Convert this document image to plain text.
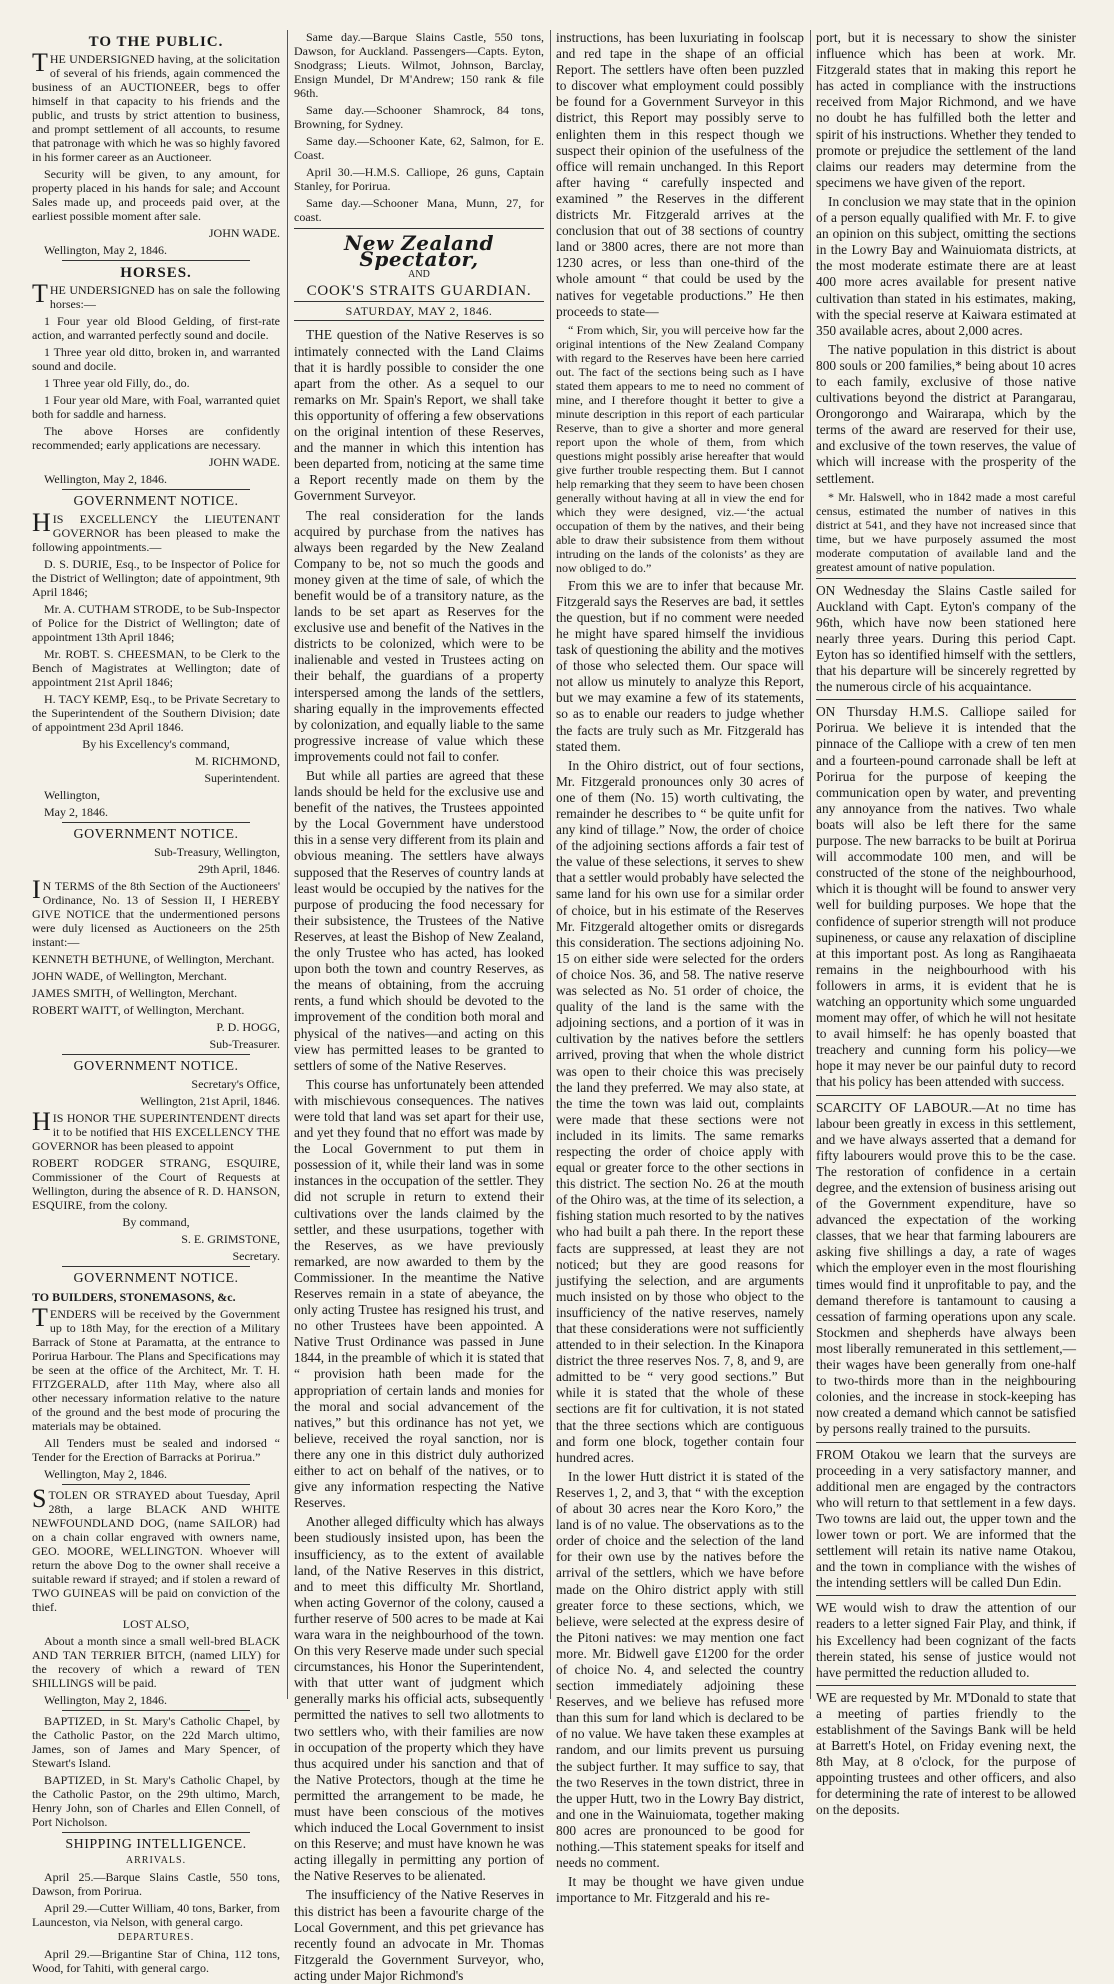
TO THE PUBLIC.

THE UNDERSIGNED having, at the solicitation of several of his friends, again commenced the business of an AUCTIONEER, begs to offer himself in that capacity to his friends and the public, and trusts by strict attention to business, and prompt settlement of all accounts, to resume that patronage with which he was so highly favored in his former career as an Auctioneer.

Security will be given, to any amount, for property placed in his hands for sale; and Account Sales made up, and proceeds paid over, at the earliest possible moment after sale.

JOHN WADE.

Wellington, May 2, 1846.

HORSES.

THE UNDERSIGNED has on sale the following horses:—

1 Four year old Blood Gelding, of first-rate action, and warranted perfectly sound and docile.

1 Three year old ditto, broken in, and warranted sound and docile.

1 Three year old Filly, do., do.

1 Four year old Mare, with Foal, warranted quiet both for saddle and harness.

The above Horses are confidently recommended; early applications are necessary.

JOHN WADE.

Wellington, May 2, 1846.

GOVERNMENT NOTICE.

HIS EXCELLENCY the LIEUTENANT GOVERNOR has been pleased to make the following appointments.—

D. S. DURIE, Esq., to be Inspector of Police for the District of Wellington; date of appointment, 9th April 1846;

Mr. A. CUTHAM STRODE, to be Sub-Inspector of Police for the District of Wellington; date of appointment 13th April 1846;

Mr. ROBT. S. CHEESMAN, to be Clerk to the Bench of Magistrates at Wellington; date of appointment 21st April 1846;

H. TACY KEMP, Esq., to be Private Secretary to the Superintendent of the Southern Division; date of appointment 23d April 1846.

By his Excellency's command,

M. RICHMOND,

Superintendent.

Wellington,

May 2, 1846.

GOVERNMENT NOTICE.

Sub-Treasury, Wellington,

29th April, 1846.

IN TERMS of the 8th Section of the Auctioneers' Ordinance, No. 13 of Session II, I HEREBY GIVE NOTICE that the undermentioned persons were duly licensed as Auctioneers on the 25th instant:—

KENNETH BETHUNE, of Wellington, Merchant.

JOHN WADE, of Wellington, Merchant.

JAMES SMITH, of Wellington, Merchant.

ROBERT WAITT, of Wellington, Merchant.

P. D. HOGG,

Sub-Treasurer.

GOVERNMENT NOTICE.

Secretary's Office,

Wellington, 21st April, 1846.

HIS HONOR THE SUPERINTENDENT directs it to be notified that HIS EXCELLENCY THE GOVERNOR has been pleased to appoint

ROBERT RODGER STRANG, ESQUIRE, Commissioner of the Court of Requests at Wellington, during the absence of R. D. HANSON, ESQUIRE, from the colony.

By command,

S. E. GRIMSTONE,

Secretary.

GOVERNMENT NOTICE.

TO BUILDERS, STONEMASONS, &c.

TENDERS will be received by the Government up to 18th May, for the erection of a Military Barrack of Stone at Paramatta, at the entrance to Porirua Harbour. The Plans and Specifications may be seen at the office of the Architect, Mr. T. H. FITZGERALD, after 11th May, where also all other necessary information relative to the nature of the ground and the best mode of procuring the materials may be obtained.

All Tenders must be sealed and indorsed “ Tender for the Erection of Barracks at Porirua.”

Wellington, May 2, 1846.

STOLEN OR STRAYED about Tuesday, April 28th, a large BLACK AND WHITE NEWFOUNDLAND DOG, (name SAILOR) had on a chain collar engraved with owners name, GEO. MOORE, WELLINGTON. Whoever will return the above Dog to the owner shall receive a suitable reward if strayed; and if stolen a reward of TWO GUINEAS will be paid on conviction of the thief.

LOST ALSO,

About a month since a small well-bred BLACK AND TAN TERRIER BITCH, (named LILY) for the recovery of which a reward of TEN SHILLINGS will be paid.

Wellington, May 2, 1846.

BAPTIZED, in St. Mary's Catholic Chapel, by the Catholic Pastor, on the 22d March ultimo, James, son of James and Mary Spencer, of Stewart's Island.

BAPTIZED, in St. Mary's Catholic Chapel, by the Catholic Pastor, on the 29th ultimo, March, Henry John, son of Charles and Ellen Connell, of Port Nicholson.

SHIPPING INTELLIGENCE.

ARRIVALS.

April 25.—Barque Slains Castle, 550 tons, Dawson, from Porirua.

April 29.—Cutter William, 40 tons, Barker, from Launceston, via Nelson, with general cargo.

DEPARTURES.

April 29.—Brigantine Star of China, 112 tons, Wood, for Tahiti, with general cargo.

Same day.—Barque Slains Castle, 550 tons, Dawson, for Auckland. Passengers—Capts. Eyton, Snodgrass; Lieuts. Wilmot, Johnson, Barclay, Ensign Mundel, Dr M'Andrew; 150 rank & file 96th.

Same day.—Schooner Shamrock, 84 tons, Browning, for Sydney.

Same day.—Schooner Kate, 62, Salmon, for E. Coast.

April 30.—H.M.S. Calliope, 26 guns, Captain Stanley, for Porirua.

Same day.—Schooner Mana, Munn, 27, for coast.

New Zealand Spectator,
AND
COOK'S STRAITS GUARDIAN.
SATURDAY, MAY 2, 1846.

THE question of the Native Reserves is so intimately connected with the Land Claims that it is hardly possible to consider the one apart from the other. As a sequel to our remarks on Mr. Spain's Report, we shall take this opportunity of offering a few observations on the original intention of these Reserves, and the manner in which this intention has been departed from, noticing at the same time a Report recently made on them by the Government Surveyor.

The real consideration for the lands acquired by purchase from the natives has always been regarded by the New Zealand Company to be, not so much the goods and money given at the time of sale, of which the benefit would be of a transitory nature, as the lands to be set apart as Reserves for the exclusive use and benefit of the Natives in the districts to be colonized, which were to be inalienable and vested in Trustees acting on their behalf, the guardians of a property interspersed among the lands of the settlers, sharing equally in the improvements effected by colonization, and equally liable to the same progressive increase of value which these improvements could not fail to confer.

But while all parties are agreed that these lands should be held for the exclusive use and benefit of the natives, the Trustees appointed by the Local Government have understood this in a sense very different from its plain and obvious meaning. The settlers have always supposed that the Reserves of country lands at least would be occupied by the natives for the purpose of producing the food necessary for their subsistence, the Trustees of the Native Reserves, at least the Bishop of New Zealand, the only Trustee who has acted, has looked upon both the town and country Reserves, as the means of obtaining, from the accruing rents, a fund which should be devoted to the improvement of the condition both moral and physical of the natives—and acting on this view has permitted leases to be granted to settlers of some of the Native Reserves.

This course has unfortunately been attended with mischievous consequences. The natives were told that land was set apart for their use, and yet they found that no effort was made by the Local Government to put them in possession of it, while their land was in some instances in the occupation of the settler. They did not scruple in return to extend their cultivations over the lands claimed by the settler, and these usurpations, together with the Reserves, as we have previously remarked, are now awarded to them by the Commissioner. In the meantime the Native Reserves remain in a state of abeyance, the only acting Trustee has resigned his trust, and no other Trustees have been appointed. A Native Trust Ordinance was passed in June 1844, in the preamble of which it is stated that “ provision hath been made for the appropriation of certain lands and monies for the moral and social advancement of the natives,” but this ordinance has not yet, we believe, received the royal sanction, nor is there any one in this district duly authorized either to act on behalf of the natives, or to give any information respecting the Native Reserves.

Another alleged difficulty which has always been studiously insisted upon, has been the insufficiency, as to the extent of available land, of the Native Reserves in this district, and to meet this difficulty Mr. Shortland, when acting Governor of the colony, caused a further reserve of 500 acres to be made at Kai wara wara in the neighbourhood of the town. On this very Reserve made under such special circumstances, his Honor the Superintendent, with that utter want of judgment which generally marks his official acts, subsequently permitted the natives to sell two allotments to two settlers who, with their families are now in occupation of the property which they have thus acquired under his sanction and that of the Native Protectors, though at the time he permitted the arrangement to be made, he must have been conscious of the motives which induced the Local Government to insist on this Reserve; and must have known he was acting illegally in permitting any portion of the Native Reserves to be alienated.

The insufficiency of the Native Reserves in this district has been a favourite charge of the Local Government, and this pet grievance has recently found an advocate in Mr. Thomas Fitzgerald the Government Surveyor, who, acting under Major Richmond's

instructions, has been luxuriating in foolscap and red tape in the shape of an official Report. The settlers have often been puzzled to discover what employment could possibly be found for a Government Surveyor in this district, this Report may possibly serve to enlighten them in this respect though we suspect their opinion of the usefulness of the office will remain unchanged. In this Report after having “ carefully inspected and examined ” the Reserves in the different districts Mr. Fitzgerald arrives at the conclusion that out of 38 sections of country land or 3800 acres, there are not more than 1230 acres, or less than one-third of the whole amount “ that could be used by the natives for vegetable productions.” He then proceeds to state—

“ From which, Sir, you will perceive how far the original intentions of the New Zealand Company with regard to the Reserves have been here carried out. The fact of the sections being such as I have stated them appears to me to need no comment of mine, and I therefore thought it better to give a minute description in this report of each particular Reserve, than to give a shorter and more general report upon the whole of them, from which questions might possibly arise hereafter that would give further trouble respecting them. But I cannot help remarking that they seem to have been chosen generally without having at all in view the end for which they were designed, viz.—‘the actual occupation of them by the natives, and their being able to draw their subsistence from them without intruding on the lands of the colonists’ as they are now obliged to do.”

From this we are to infer that because Mr. Fitzgerald says the Reserves are bad, it settles the question, but if no comment were needed he might have spared himself the invidious task of questioning the ability and the motives of those who selected them. Our space will not allow us minutely to analyze this Report, but we may examine a few of its statements, so as to enable our readers to judge whether the facts are truly such as Mr. Fitzgerald has stated them.

In the Ohiro district, out of four sections, Mr. Fitzgerald pronounces only 30 acres of one of them (No. 15) worth cultivating, the remainder he describes to “ be quite unfit for any kind of tillage.” Now, the order of choice of the adjoining sections affords a fair test of the value of these selections, it serves to shew that a settler would probably have selected the same land for his own use for a similar order of choice, but in his estimate of the Reserves Mr. Fitzgerald altogether omits or disregards this consideration. The sections adjoining No. 15 on either side were selected for the orders of choice Nos. 36, and 58. The native reserve was selected as No. 51 order of choice, the quality of the land is the same with the adjoining sections, and a portion of it was in cultivation by the natives before the settlers arrived, proving that when the whole district was open to their choice this was precisely the land they preferred. We may also state, at the time the town was laid out, complaints were made that these sections were not included in its limits. The same remarks respecting the order of choice apply with equal or greater force to the other sections in this district. The section No. 26 at the mouth of the Ohiro was, at the time of its selection, a fishing station much resorted to by the natives who had built a pah there. In the report these facts are suppressed, at least they are not noticed; but they are good reasons for justifying the selection, and are arguments much insisted on by those who object to the insufficiency of the native reserves, namely that these considerations were not sufficiently attended to in their selection. In the Kinapora district the three reserves Nos. 7, 8, and 9, are admitted to be “ very good sections.” But while it is stated that the whole of these sections are fit for cultivation, it is not stated that the three sections which are contiguous and form one block, together contain four hundred acres.

In the lower Hutt district it is stated of the Reserves 1, 2, and 3, that “ with the exception of about 30 acres near the Koro Koro,” the land is of no value. The observations as to the order of choice and the selection of the land for their own use by the natives before the arrival of the settlers, which we have before made on the Ohiro district apply with still greater force to these sections, which, we believe, were selected at the express desire of the Pitoni natives: we may mention one fact more. Mr. Bidwell gave £1200 for the order of choice No. 4, and selected the country section immediately adjoining these Reserves, and we believe has refused more than this sum for land which is declared to be of no value. We have taken these examples at random, and our limits prevent us pursuing the subject further. It may suffice to say, that the two Reserves in the town district, three in the upper Hutt, two in the Lowry Bay district, and one in the Wainuiomata, together making 800 acres are pronounced to be good for nothing.—This statement speaks for itself and needs no comment.

It may be thought we have given undue importance to Mr. Fitzgerald and his re-

port, but it is necessary to show the sinister influence which has been at work. Mr. Fitzgerald states that in making this report he has acted in compliance with the instructions received from Major Richmond, and we have no doubt he has fulfilled both the letter and spirit of his instructions. Whether they tended to promote or prejudice the settlement of the land claims our readers may determine from the specimens we have given of the report.

In conclusion we may state that in the opinion of a person equally qualified with Mr. F. to give an opinion on this subject, omitting the sections in the Lowry Bay and Wainuiomata districts, at the most moderate estimate there are at least 400 more acres available for present native cultivation than stated in his estimates, making, with the special reserve at Kaiwara estimated at 350 available acres, about 2,000 acres.

The native population in this district is about 800 souls or 200 families,* being about 10 acres to each family, exclusive of those native cultivations beyond the district at Parangarau, Orongorongo and Wairarapa, which by the terms of the award are reserved for their use, and exclusive of the town reserves, the value of which will increase with the prosperity of the settlement.

* Mr. Halswell, who in 1842 made a most careful census, estimated the number of natives in this district at 541, and they have not increased since that time, but we have purposely assumed the most moderate computation of available land and the greatest amount of native population.

ON Wednesday the Slains Castle sailed for Auckland with Capt. Eyton's company of the 96th, which have now been stationed here nearly three years. During this period Capt. Eyton has so identified himself with the settlers, that his departure will be sincerely regretted by the numerous circle of his acquaintance.

ON Thursday H.M.S. Calliope sailed for Porirua. We believe it is intended that the pinnace of the Calliope with a crew of ten men and a fourteen-pound carronade shall be left at Porirua for the purpose of keeping the communication open by water, and preventing any annoyance from the natives. Two whale boats will also be left there for the same purpose. The new barracks to be built at Porirua will accommodate 100 men, and will be constructed of the stone of the neighbourhood, which it is thought will be found to answer very well for building purposes. We hope that the confidence of superior strength will not produce supineness, or cause any relaxation of discipline at this important post. As long as Rangihaeata remains in the neighbourhood with his followers in arms, it is evident that he is watching an opportunity which some unguarded moment may offer, of which he will not hesitate to avail himself: he has openly boasted that treachery and cunning form his policy—we hope it may never be our painful duty to record that his policy has been attended with success.

SCARCITY OF LABOUR.—At no time has labour been greatly in excess in this settlement, and we have always asserted that a demand for fifty labourers would prove this to be the case. The restoration of confidence in a certain degree, and the extension of business arising out of the Government expenditure, have so advanced the expectation of the working classes, that we hear that farming labourers are asking five shillings a day, a rate of wages which the employer even in the most flourishing times would find it unprofitable to pay, and the demand therefore is tantamount to causing a cessation of farming operations upon any scale. Stockmen and shepherds have always been most liberally remunerated in this settlement,—their wages have been generally from one-half to two-thirds more than in the neighbouring colonies, and the increase in stock-keeping has now created a demand which cannot be satisfied by persons really trained to the pursuits.

FROM Otakou we learn that the surveys are proceeding in a very satisfactory manner, and additional men are engaged by the contractors who will return to that settlement in a few days. Two towns are laid out, the upper town and the lower town or port. We are informed that the settlement will retain its native name Otakou, and the town in compliance with the wishes of the intending settlers will be called Dun Edin.

WE would wish to draw the attention of our readers to a letter signed Fair Play, and think, if his Excellency had been cognizant of the facts therein stated, his sense of justice would not have permitted the reduction alluded to.

WE are requested by Mr. M'Donald to state that a meeting of parties friendly to the establishment of the Savings Bank will be held at Barrett's Hotel, on Friday evening next, the 8th May, at 8 o'clock, for the purpose of appointing trustees and other officers, and also for determining the rate of interest to be allowed on the deposits.
